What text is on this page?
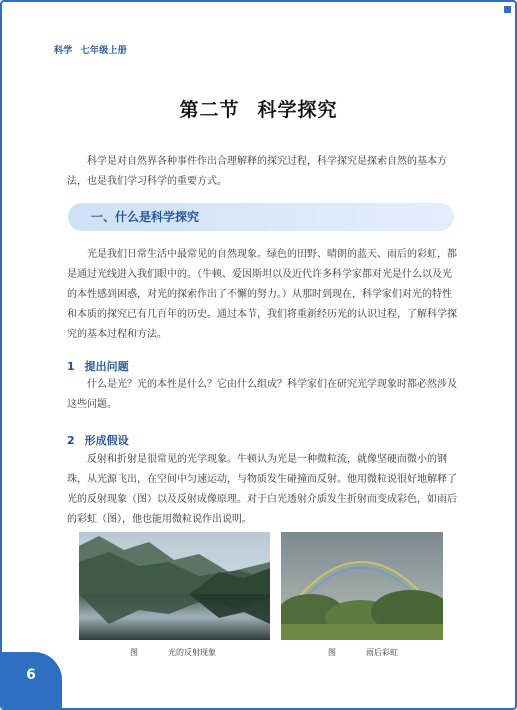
科学 七年级上册
第二节 科学探究

科学是对自然界各种事件作出合理解释的探究过程，科学探究是探索自然的基本方法，也是我们学习科学的重要方式。

一、什么是科学探究

光是我们日常生活中最常见的自然现象。绿色的田野、晴朗的蓝天、雨后的彩虹，都是通过光线进入我们眼中的。（牛顿、爱因斯坦以及近代许多科学家都对光是什么以及光的本性感到困惑，对光的探索作出了不懈的努力。）从那时到现在，科学家们对光的特性和本质的探究已有几百年的历史。通过本节，我们将重新经历光的认识过程，了解科学探究的基本过程和方法。

1 提出问题

什么是光？光的本性是什么？它由什么组成？科学家们在研究光学现象时都必然涉及这些问题。

2 形成假设

反射和折射是很常见的光学现象。牛顿认为光是一种微粒流，就像坚硬而微小的钢珠，从光源飞出，在空间中匀速运动，与物质发生碰撞而反射。他用微粒说很好地解释了光的反射现象（图）以及反射成像原理。对于白光透射介质发生折射而变成彩色，如雨后的彩虹（图），他也能用微粒说作出说明。

图	光的反射现象	图	雨后彩虹
6
